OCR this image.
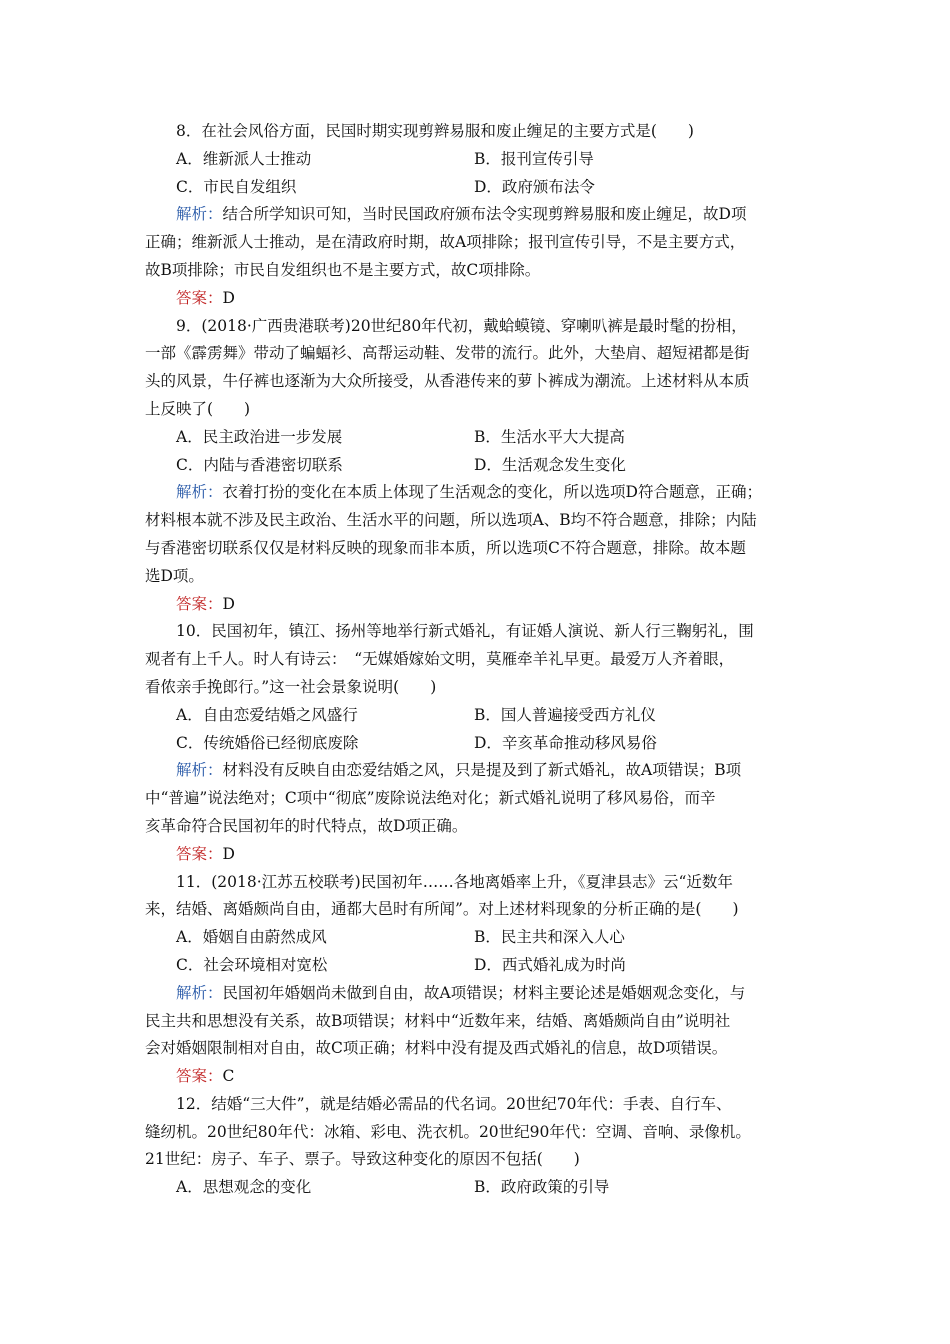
8．在社会风俗方面，民国时期实现剪辫易服和废止缠足的主要方式是(　　)
A．维新派人士推动	B．报刊宣传引导
C．市民自发组织	D．政府颁布法令
解析：结合所学知识可知，当时民国政府颁布法令实现剪辫易服和废止缠足，故D项
正确；维新派人士推动，是在清政府时期，故A项排除；报刊宣传引导，不是主要方式，
故B项排除；市民自发组织也不是主要方式，故C项排除。
答案：D
9．(2018·广西贵港联考)20世纪80年代初，戴蛤蟆镜、穿喇叭裤是最时髦的扮相，
一部《霹雳舞》带动了蝙蝠衫、高帮运动鞋、发带的流行。此外，大垫肩、超短裙都是街
头的风景，牛仔裤也逐渐为大众所接受，从香港传来的萝卜裤成为潮流。上述材料从本质
上反映了(　　)
A．民主政治进一步发展	B．生活水平大大提高
C．内陆与香港密切联系	D．生活观念发生变化
解析：衣着打扮的变化在本质上体现了生活观念的变化，所以选项D符合题意，正确；
材料根本就不涉及民主政治、生活水平的问题，所以选项A、B均不符合题意，排除；内陆
与香港密切联系仅仅是材料反映的现象而非本质，所以选项C不符合题意，排除。故本题
选D项。
答案：D
10．民国初年，镇江、扬州等地举行新式婚礼，有证婚人演说、新人行三鞠躬礼，围
观者有上千人。时人有诗云：　“无媒婚嫁始文明，莫雁牵羊礼早更。最爱万人齐着眼，
看侬亲手挽郎行。”这一社会景象说明(　　)
A．自由恋爱结婚之风盛行	B．国人普遍接受西方礼仪
C．传统婚俗已经彻底废除	D．辛亥革命推动移风易俗
解析：材料没有反映自由恋爱结婚之风，只是提及到了新式婚礼，故A项错误；B项
中“普遍”说法绝对；C项中“彻底”废除说法绝对化；新式婚礼说明了移风易俗，而辛
亥革命符合民国初年的时代特点，故D项正确。
答案：D
11．(2018·江苏五校联考)民国初年……各地离婚率上升，《夏津县志》云“近数年
来，结婚、离婚颇尚自由，通都大邑时有所闻”。对上述材料现象的分析正确的是(　　)
A．婚姻自由蔚然成风	B．民主共和深入人心
C．社会环境相对宽松	D．西式婚礼成为时尚
解析：民国初年婚姻尚未做到自由，故A项错误；材料主要论述是婚姻观念变化，与
民主共和思想没有关系，故B项错误；材料中“近数年来，结婚、离婚颇尚自由”说明社
会对婚姻限制相对自由，故C项正确；材料中没有提及西式婚礼的信息，故D项错误。
答案：C
12．结婚“三大件”，就是结婚必需品的代名词。20世纪70年代：手表、自行车、
缝纫机。20世纪80年代：冰箱、彩电、洗衣机。20世纪90年代：空调、音响、录像机。
21世纪：房子、车子、票子。导致这种变化的原因不包括(　　)
A．思想观念的变化	B．政府政策的引导
